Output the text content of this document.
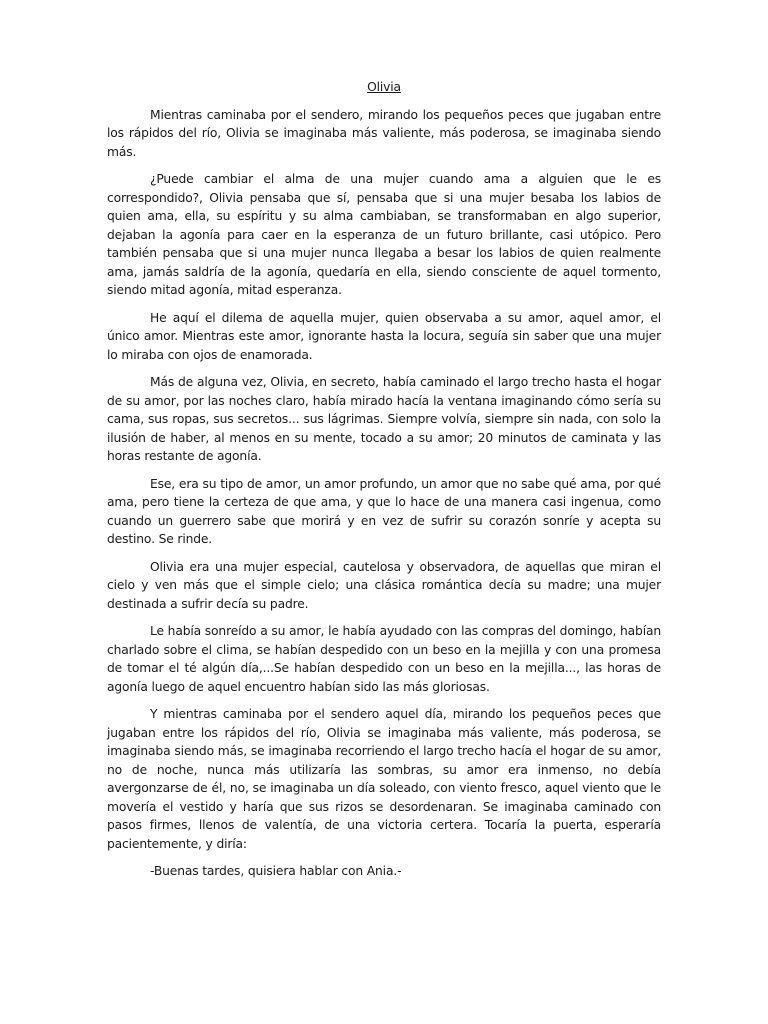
Olivia

Mientras caminaba por el sendero, mirando los pequeños peces que jugaban entre los rápidos del río, Olivia se imaginaba más valiente, más poderosa, se imaginaba siendo más.

¿Puede cambiar el alma de una mujer cuando ama a alguien que le es correspondido?, Olivia pensaba que sí, pensaba que si una mujer besaba los labios de quien ama, ella, su espíritu y su alma cambiaban, se transformaban en algo superior, dejaban la agonía para caer en la esperanza de un futuro brillante, casi utópico. Pero también pensaba que si una mujer nunca llegaba a besar los labios de quien realmente ama, jamás saldría de la agonía, quedaría en ella, siendo consciente de aquel tormento, siendo mitad agonía, mitad esperanza.

He aquí el dilema de aquella mujer, quien observaba a su amor, aquel amor, el único amor. Mientras este amor, ignorante hasta la locura, seguía sin saber que una mujer lo miraba con ojos de enamorada.

Más de alguna vez, Olivia, en secreto, había caminado el largo trecho hasta el hogar de su amor, por las noches claro, había mirado hacía la ventana imaginando cómo sería su cama, sus ropas, sus secretos... sus lágrimas. Siempre volvía, siempre sin nada, con solo la ilusión de haber, al menos en su mente, tocado a su amor; 20 minutos de caminata y las horas restante de agonía.

Ese, era su tipo de amor, un amor profundo, un amor que no sabe qué ama, por qué ama, pero tiene la certeza de que ama, y que lo hace de una manera casi ingenua, como cuando un guerrero sabe que morirá y en vez de sufrir su corazón sonríe y acepta su destino. Se rinde.

Olivia era una mujer especial, cautelosa y observadora, de aquellas que miran el cielo y ven más que el simple cielo; una clásica romántica decía su madre; una mujer destinada a sufrir decía su padre.

Le había sonreído a su amor, le había ayudado con las compras del domingo, habían charlado sobre el clima, se habían despedido con un beso en la mejilla y con una promesa de tomar el té algún día,...Se habían despedido con un beso en la mejilla..., las horas de agonía luego de aquel encuentro habían sido las más gloriosas.

Y mientras caminaba por el sendero aquel día, mirando los pequeños peces que jugaban entre los rápidos del río, Olivia se imaginaba más valiente, más poderosa, se imaginaba siendo más, se imaginaba recorriendo el largo trecho hacía el hogar de su amor, no de noche, nunca más utilizaría las sombras, su amor era inmenso, no debía avergonzarse de él, no, se imaginaba un día soleado, con viento fresco, aquel viento que le movería el vestido y haría que sus rizos se desordenaran. Se imaginaba caminado con pasos firmes, llenos de valentía, de una victoria certera. Tocaría la puerta, esperaría pacientemente, y diría:

-Buenas tardes, quisiera hablar con Ania.-
